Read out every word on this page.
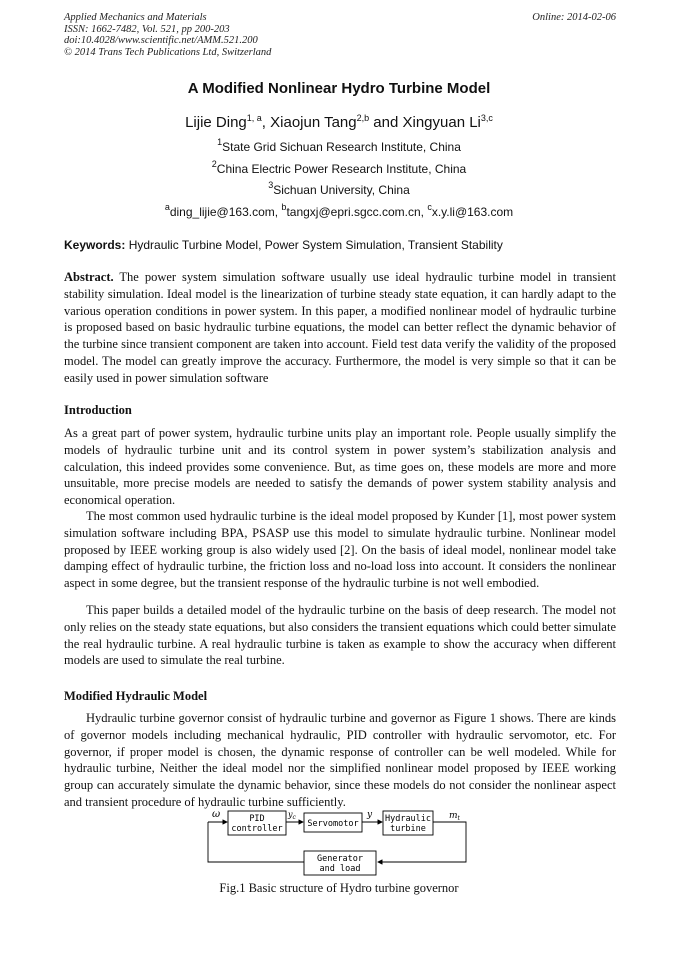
Applied Mechanics and Materials
ISSN: 1662-7482, Vol. 521, pp 200-203
doi:10.4028/www.scientific.net/AMM.521.200
© 2014 Trans Tech Publications Ltd, Switzerland
Online: 2014-02-06
A Modified Nonlinear Hydro Turbine Model
Lijie Ding$^{1, a}$, Xiaojun Tang$^{2,b}$ and Xingyuan Li$^{3,c}$
$^1$State Grid Sichuan Research Institute, China
$^2$China Electric Power Research Institute, China
$^3$Sichuan University, China
$^a$ding_lijie@163.com, $^b$tangxj@epri.sgcc.com.cn, $^c$x.y.li@163.com
Keywords: Hydraulic Turbine Model, Power System Simulation, Transient Stability

Abstract. The power system simulation software usually use ideal hydraulic turbine model in transient stability simulation. Ideal model is the linearization of turbine steady state equation, it can hardly adapt to the various operation conditions in power system. In this paper, a modified nonlinear model of hydraulic turbine is proposed based on basic hydraulic turbine equations, the model can better reflect the dynamic behavior of the turbine since transient component are taken into account. Field test data verify the validity of the proposed model. The model can greatly improve the accuracy. Furthermore, the model is very simple so that it can be easily used in power simulation software

Introduction

As a great part of power system, hydraulic turbine units play an important role. People usually simplify the models of hydraulic turbine unit and its control system in power system’s stabilization analysis and calculation, this indeed provides some convenience. But, as time goes on, these models are more and more unsuitable, more precise models are needed to satisfy the demands of power system stability analysis and economical operation.

The most common used hydraulic turbine is the ideal model proposed by Kunder [1], most power system simulation software including BPA, PSASP use this model to simulate hydraulic turbine. Nonlinear model proposed by IEEE working group is also widely used [2]. On the basis of ideal model, nonlinear model take damping effect of hydraulic turbine, the friction loss and no-load loss into account. It considers the nonlinear aspect in some degree, but the transient response of the hydraulic turbine is not well embodied.

This paper builds a detailed model of the hydraulic turbine on the basis of deep research. The model not only relies on the steady state equations, but also considers the transient equations which could better simulate the real hydraulic turbine. A real hydraulic turbine is taken as example to show the accuracy when different models are used to simulate the real turbine.

Modified Hydraulic Model

Hydraulic turbine governor consist of hydraulic turbine and governor as Figure 1 shows. There are kinds of governor models including mechanical hydraulic, PID controller with hydraulic servomotor, etc. For governor, if proper model is chosen, the dynamic response of controller can be well modeled. While for hydraulic turbine, Neither the ideal model nor the simplified nonlinear model proposed by IEEE working group can accurately simulate the dynamic behavior, since these models do not consider the nonlinear aspect and transient procedure of hydraulic turbine sufficiently.

ω	PID
controller
$y_c$
Servomotor
y Hydraulic
turbine
$m_t$
Generator
and load
Fig.1 Basic structure of Hydro turbine governor
